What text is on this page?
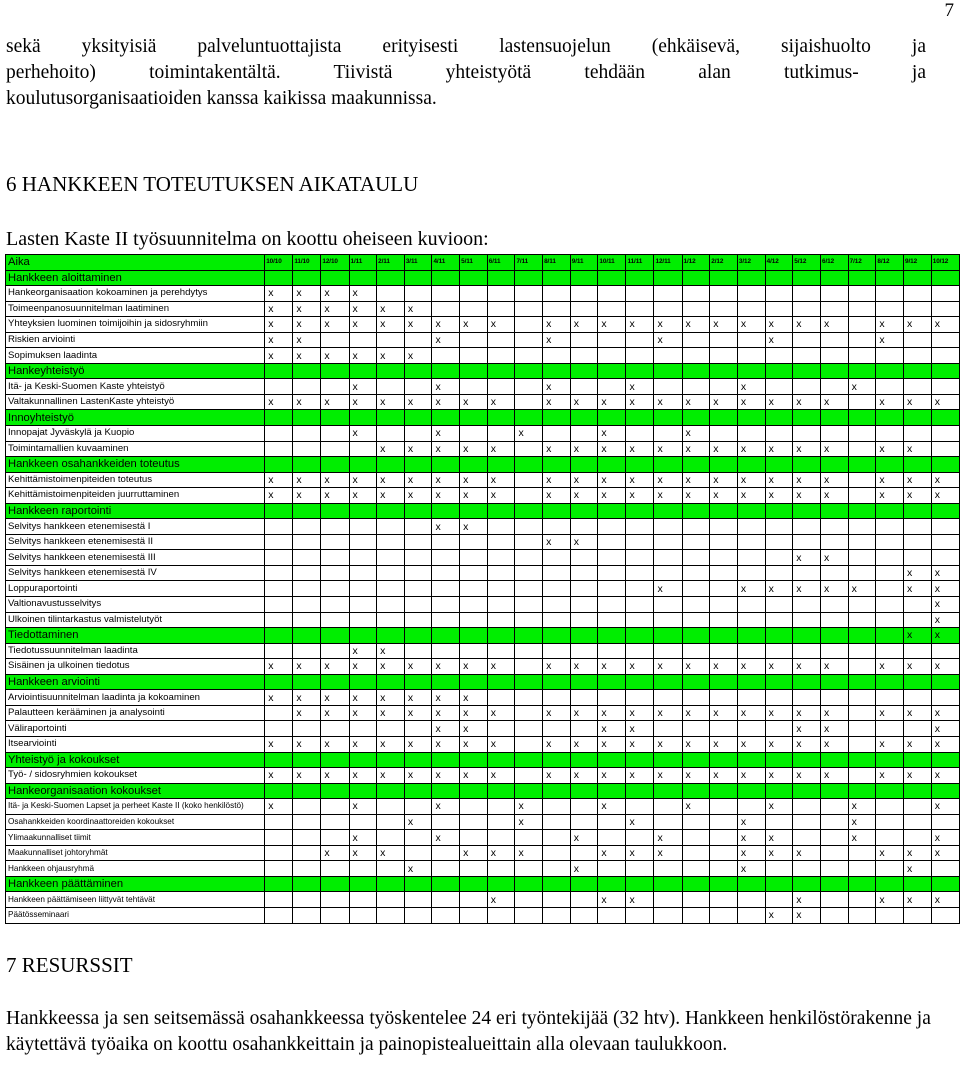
7

sekä yksityisiä palveluntuottajista erityisesti lastensuojelun (ehkäisevä, sijaishuolto ja
perhehoito) toimintakentältä. Tiivistä yhteistyötä tehdään alan tutkimus- ja
koulutusorganisaatioiden kanssa kaikissa maakunnissa.

6 HANKKEEN TOTEUTUKSEN AIKATAULU

Lasten Kaste II työsuunnitelma on koottu oheiseen kuvioon:

Aika	10/10	11/10	12/10	1/11	2/11	3/11	4/11	5/11	6/11	7/11	8/11	9/11	10/11	11/11	12/11	1/12	2/12	3/12	4/12	5/12	6/12	7/12	8/12	9/12	10/12
Hankkeen aloittaminen																									
Hankeorganisaation kokoaminen ja perehdytys	x	x	x	x																					
Toimeenpanosuunnitelman laatiminen	x	x	x	x	x	x																			
Yhteyksien luominen toimijoihin ja sidosryhmiin	x	x	x	x	x	x	x	x	x		x	x	x	x	x	x	x	x	x	x	x		x	x	x
Riskien arviointi	x	x					x				x				x				x				x		
Sopimuksen laadinta	x	x	x	x	x	x																			
Hankeyhteistyö																									
Itä- ja Keski-Suomen Kaste yhteistyö				x			x				x			x				x				x			
Valtakunnallinen LastenKaste yhteistyö	x	x	x	x	x	x	x	x	x		x	x	x	x	x	x	x	x	x	x	x		x	x	x
Innoyhteistyö																									
Innopajat Jyväskylä ja Kuopio				x			x			x			x			x									
Toimintamallien kuvaaminen					x	x	x	x	x		x	x	x	x	x	x	x	x	x	x	x		x	x	
Hankkeen osahankkeiden toteutus																									
Kehittämistoimenpiteiden toteutus	x	x	x	x	x	x	x	x	x		x	x	x	x	x	x	x	x	x	x	x		x	x	x
Kehittämistoimenpiteiden juurruttaminen	x	x	x	x	x	x	x	x	x		x	x	x	x	x	x	x	x	x	x	x		x	x	x
Hankkeen raportointi																									
Selvitys hankkeen etenemisestä I							x	x																	
Selvitys hankkeen etenemisestä II											x	x													
Selvitys hankkeen etenemisestä III																				x	x				
Selvitys hankkeen etenemisestä IV																								x	x
Loppuraportointi															x			x	x	x	x	x		x	x
Valtionavustusselvitys																									x
Ulkoinen tilintarkastus valmistelutyöt																									x
Tiedottaminen																								x	x
Tiedotussuunnitelman laadinta				x	x																				
Sisäinen ja ulkoinen tiedotus	x	x	x	x	x	x	x	x	x		x	x	x	x	x	x	x	x	x	x	x		x	x	x
Hankkeen arviointi																									
Arviointisuunnitelman laadinta ja kokoaminen	x	x	x	x	x	x	x	x																	
Palautteen kerääminen ja analysointi		x	x	x	x	x	x	x	x		x	x	x	x	x	x	x	x	x	x	x		x	x	x
Väliraportointi							x	x					x	x						x	x				x
Itsearviointi	x	x	x	x	x	x	x	x	x		x	x	x	x	x	x	x	x	x	x	x		x	x	x
Yhteistyö ja kokoukset																									
Työ- / sidosryhmien kokoukset	x	x	x	x	x	x	x	x	x		x	x	x	x	x	x	x	x	x	x	x		x	x	x
Hankeorganisaation kokoukset																									
Itä- ja Keski-Suomen Lapset ja perheet Kaste II (koko henkilöstö)	x			x			x			x			x			x			x			x			x
Osahankkeiden koordinaattoreiden kokoukset						x				x				x				x				x			
Ylimaakunnalliset tiimit				x			x					x			x			x	x			x			x
Maakunnalliset johtoryhmät			x	x	x			x	x	x			x	x	x			x	x	x			x	x	x
Hankkeen ohjausryhmä						x						x						x						x	
Hankkeen päättäminen																									
Hankkeen päättämiseen liittyvät tehtävät									x				x	x						x			x	x	x
Päätösseminaari																			x	x					
7 RESURSSIT

Hankkeessa ja sen seitsemässä osahankkeessa työskentelee 24 eri työntekijää (32 htv). Hankkeen henkilöstörakenne ja käytettävä työaika on koottu osahankkeittain ja painopistealueittain alla olevaan taulukkoon.
